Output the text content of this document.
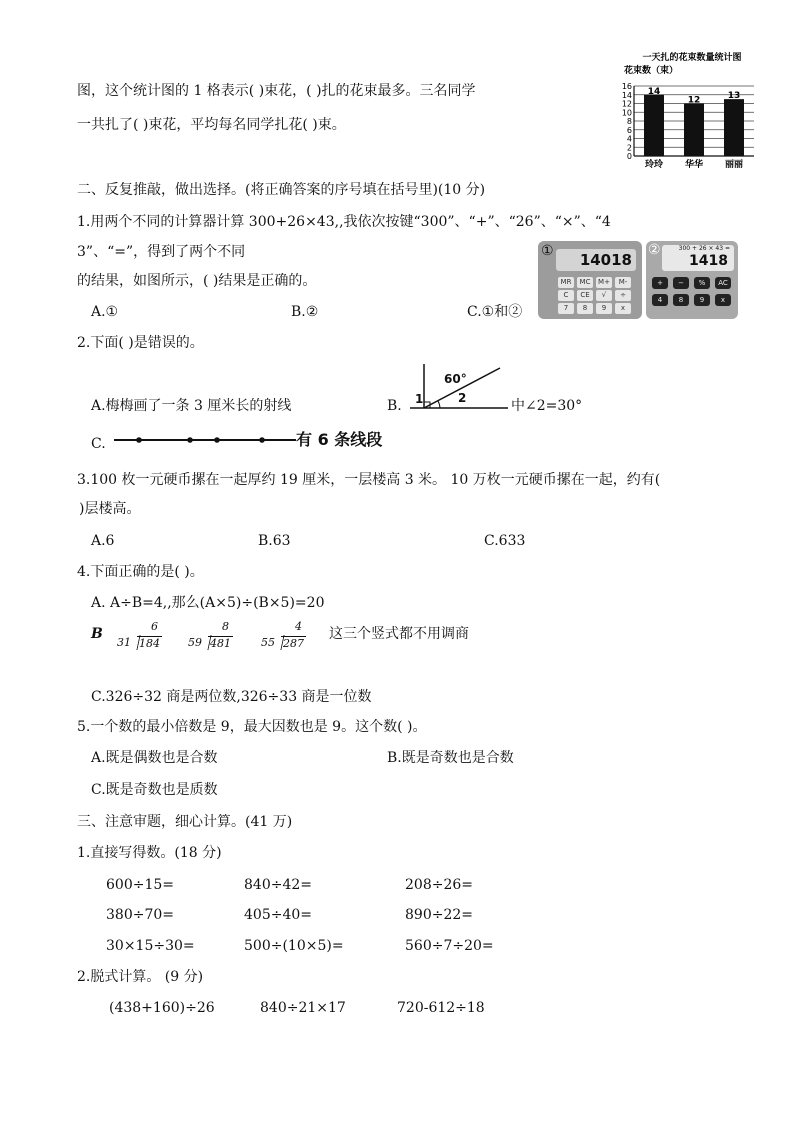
图，这个统计图的 1 格表示( )束花，( )扎的花束最多。三名同学
一共扎了( )束花，平均每名同学扎花( )束。
一天扎的花束数量统计图
花束数（束）
0
2
4
6
8
10
12
14
16
14
玲玲
12
华华
13
丽丽
二、反复推敲，做出选择。(将正确答案的序号填在括号里)(10 分)
1.用两个不同的计算器计算 300+26×43,,我依次按键“300”、“+”、“26”、“×”、“4
3”、“=”，得到了两个不同
的结果，如图所示，( )结果是正确的。
A.①	B.②	C.①和②
① 14018
MR	MC	M+	M-
C	CE	√	÷
7	8	9	x
②	300 + 26 × 43 =
1418
+	−	%	AC
4	8	9	x
2.下面( )是错误的。
A.梅梅画了一条 3 厘米长的射线	B.
60°
1	2	中∠2=30°
C.	有 6 条线段
3.100 枚一元硬币摞在一起厚约 19 厘米，一层楼高 3 米。 10 万枚一元硬币摞在一起，约有(
)层楼高。
A.6	B.63	C.633
4.下面正确的是( )。
A. A÷B=4,,那么(A×5)÷(B×5)=20
B	6
31 184
8
59 481
4
55 287
这三个竖式都不用调商
C.326÷32 商是两位数,326÷33 商是一位数
5.一个数的最小倍数是 9，最大因数也是 9。这个数( )。
A.既是偶数也是合数	B.既是奇数也是合数
C.既是奇数也是质数
三、注意审题，细心计算。(41 万)
1.直接写得数。(18 分)
600÷15=	840÷42=	208÷26=
380÷70=	405÷40=	890÷22=
30×15÷30=	500÷(10×5)=	560÷7÷20=
2.脱式计算。 (9 分)
(438+160)÷26	840÷21×17	720-612÷18
